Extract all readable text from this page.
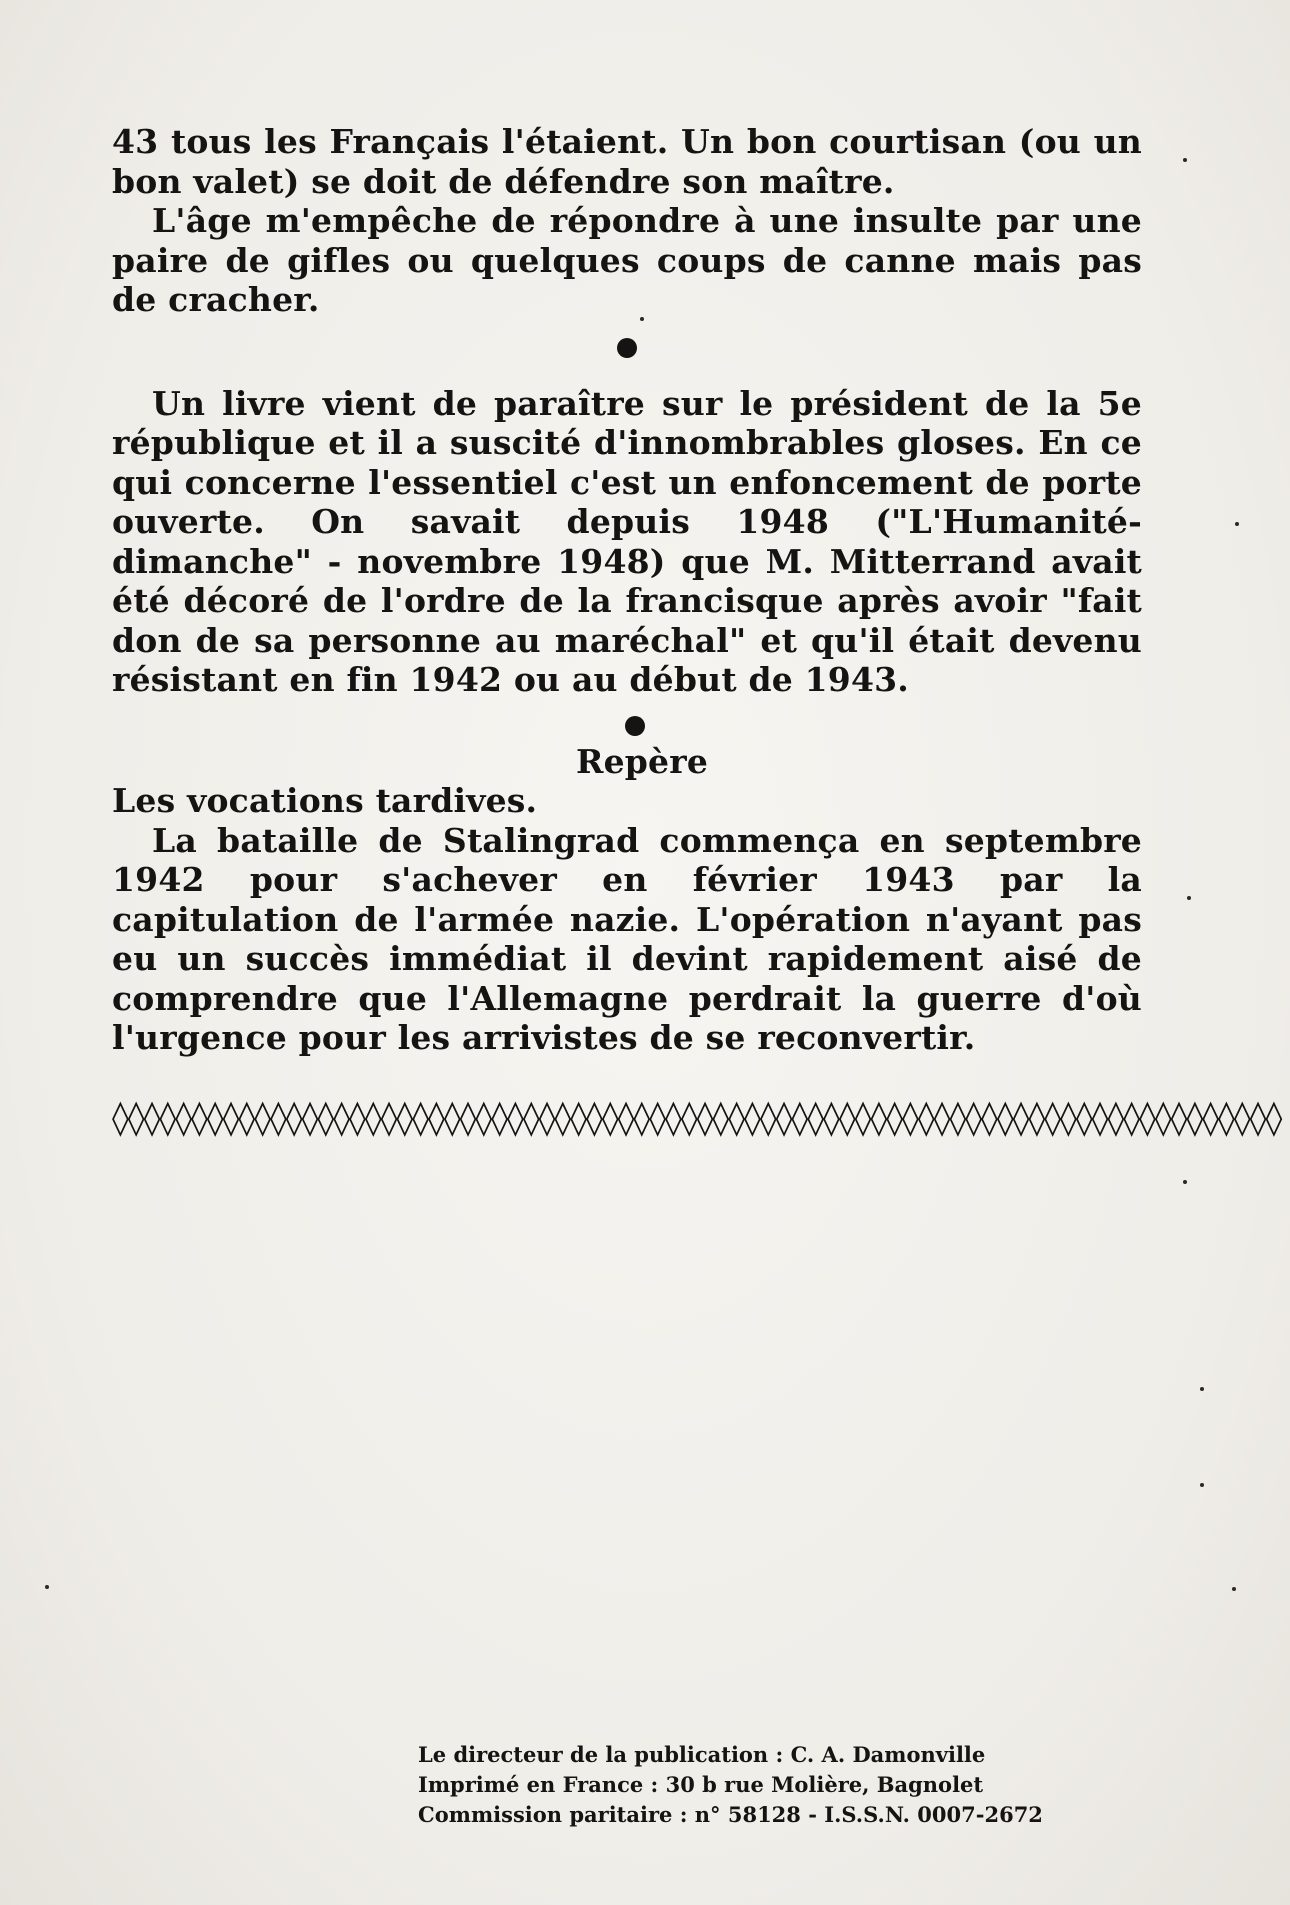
43 tous les Français l'étaient. Un bon courtisan (ou un bon valet) se doit de défendre son maître.

L'âge m'empêche de répondre à une insulte par une paire de gifles ou quelques coups de canne mais pas de cracher.

Un livre vient de paraître sur le président de la 5e république et il a suscité d'innombrables gloses. En ce qui concerne l'essentiel c'est un enfoncement de porte ouverte. On savait depuis 1948 ("L'Humanité-dimanche" - novembre 1948) que M. Mitterrand avait été décoré de l'ordre de la francisque après avoir "fait don de sa personne au maréchal" et qu'il était devenu résistant en fin 1942 ou au début de 1943.

Repère

Les vocations tardives.

La bataille de Stalingrad commença en septembre 1942 pour s'achever en février 1943 par la capitulation de l'armée nazie. L'opération n'ayant pas eu un succès immédiat il devint rapidement aisé de comprendre que l'Allemagne perdrait la guerre d'où l'urgence pour les arrivistes de se reconvertir.

◊◊◊◊◊◊◊◊◊◊◊◊◊◊◊◊◊◊◊◊◊◊◊◊◊◊◊◊◊◊◊◊◊◊◊◊◊◊◊◊◊◊◊◊◊◊◊◊◊◊◊◊◊◊◊◊◊◊◊◊◊◊◊◊◊◊◊◊◊◊◊◊◊◊
Le directeur de la publication : C. A. Damonville
Imprimé en France : 30 b rue Molière, Bagnolet
Commission paritaire : n° 58128 - I.S.S.N. 0007-2672
